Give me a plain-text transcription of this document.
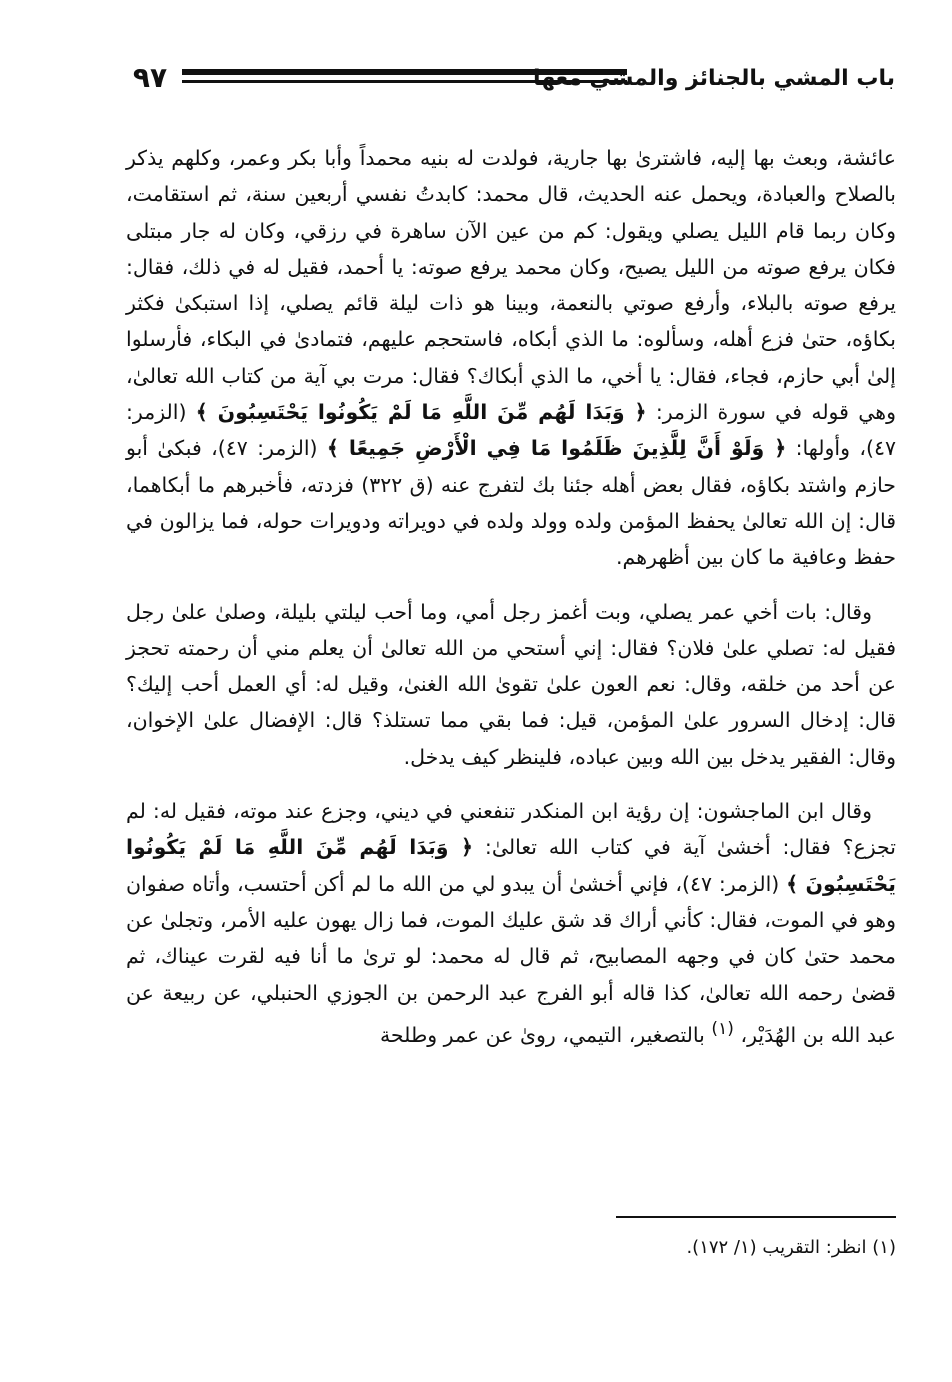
٩٧	باب المشي بالجنائز والمشي معها

عائشة، وبعث بها إليه، فاشترىٰ بها جارية، فولدت له بنيه محمداً وأبا بكر وعمر، وكلهم يذكر بالصلاح والعبادة، ويحمل عنه الحديث، قال محمد: كابدتُ نفسي أربعين سنة، ثم استقامت، وكان ربما قام الليل يصلي ويقول: كم من عين الآن ساهرة في رزقي، وكان له جار مبتلى فكان يرفع صوته من الليل يصيح، وكان محمد يرفع صوته: يا أحمد، فقيل له في ذلك، فقال: يرفع صوته بالبلاء، وأرفع صوتي بالنعمة، وبينا هو ذات ليلة قائم يصلي، إذا استبكىٰ فكثر بكاؤه، حتىٰ فزع أهله، وسألوه: ما الذي أبكاه، فاستحجم عليهم، فتمادىٰ في البكاء، فأرسلوا إلىٰ أبي حازم، فجاء، فقال: يا أخي، ما الذي أبكاك؟ فقال: مرت بي آية من كتاب الله تعالىٰ، وهي قوله في سورة الزمر: ﴿ وَبَدَا لَهُم مِّنَ اللَّهِ مَا لَمْ يَكُونُوا يَحْتَسِبُونَ ﴾ (الزمر: ٤٧)، وأولها: ﴿ وَلَوْ أَنَّ لِلَّذِينَ ظَلَمُوا مَا فِي الْأَرْضِ جَمِيعًا ﴾ (الزمر: ٤٧)، فبكىٰ أبو حازم واشتد بكاؤه، فقال بعض أهله جئنا بك لتفرج عنه (ق ٣٢٢) فزدته، فأخبرهم ما أبكاهما، قال: إن الله تعالىٰ يحفظ المؤمن ولده وولد ولده في دويراته ودويرات حوله، فما يزالون في حفظ وعافية ما كان بين أظهرهم.

وقال: بات أخي عمر يصلي، وبت أغمز رجل أمي، وما أحب ليلتي بليلة، وصلىٰ علىٰ رجل فقيل له: تصلي علىٰ فلان؟ فقال: إني أستحي من الله تعالىٰ أن يعلم مني أن رحمته تحجز عن أحد من خلقه، وقال: نعم العون علىٰ تقوىٰ الله الغنىٰ، وقيل له: أي العمل أحب إليك؟ قال: إدخال السرور علىٰ المؤمن، قيل: فما بقي مما تستلذ؟ قال: الإفضال علىٰ الإخوان، وقال: الفقير يدخل بين الله وبين عباده، فلينظر كيف يدخل.

وقال ابن الماجشون: إن رؤية ابن المنكدر تنفعني في ديني، وجزع عند موته، فقيل له: لم تجزع؟ فقال: أخشىٰ آية في كتاب الله تعالىٰ: ﴿ وَبَدَا لَهُم مِّنَ اللَّهِ مَا لَمْ يَكُونُوا يَحْتَسِبُونَ ﴾ (الزمر: ٤٧)، فإني أخشىٰ أن يبدو لي من الله ما لم أكن أحتسب، وأتاه صفوان وهو في الموت، فقال: كأني أراك قد شق عليك الموت، فما زال يهون عليه الأمر، وتجلىٰ عن محمد حتىٰ كان في وجهه المصابيح، ثم قال له محمد: لو ترىٰ ما أنا فيه لقرت عيناك، ثم قضىٰ رحمه الله تعالىٰ، كذا قاله أبو الفرج عبد الرحمن بن الجوزي الحنبلي، عن ربيعة عن عبد الله بن الهُدَيْر، $^{(١)}$ بالتصغير، التيمي، روىٰ عن عمر وطلحة

(١) انظر: التقريب (١/ ١٧٢).
